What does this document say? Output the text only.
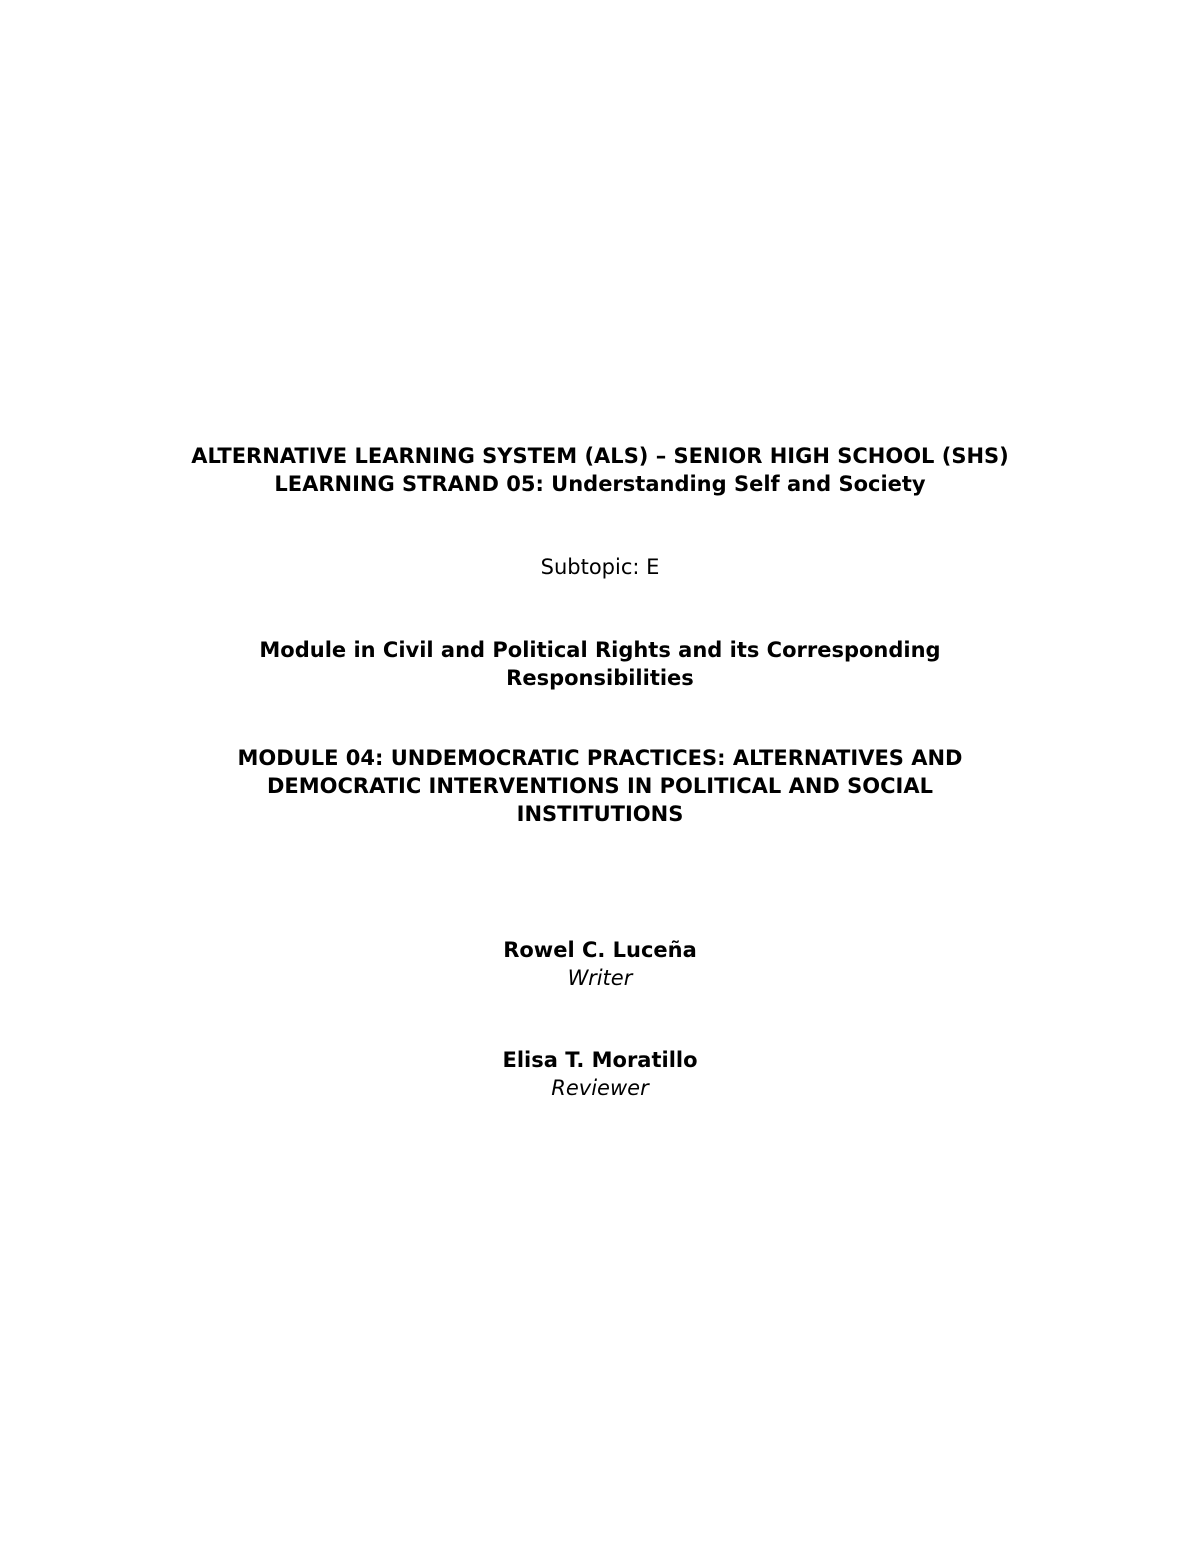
ALTERNATIVE LEARNING SYSTEM (ALS) – SENIOR HIGH SCHOOL (SHS)
LEARNING STRAND 05: Understanding Self and Society
Subtopic: E
Module in Civil and Political Rights and its Corresponding
Responsibilities
MODULE 04: UNDEMOCRATIC PRACTICES: ALTERNATIVES AND
DEMOCRATIC INTERVENTIONS IN POLITICAL AND SOCIAL
INSTITUTIONS
Rowel C. Luceña
Writer
Elisa T. Moratillo
Reviewer
